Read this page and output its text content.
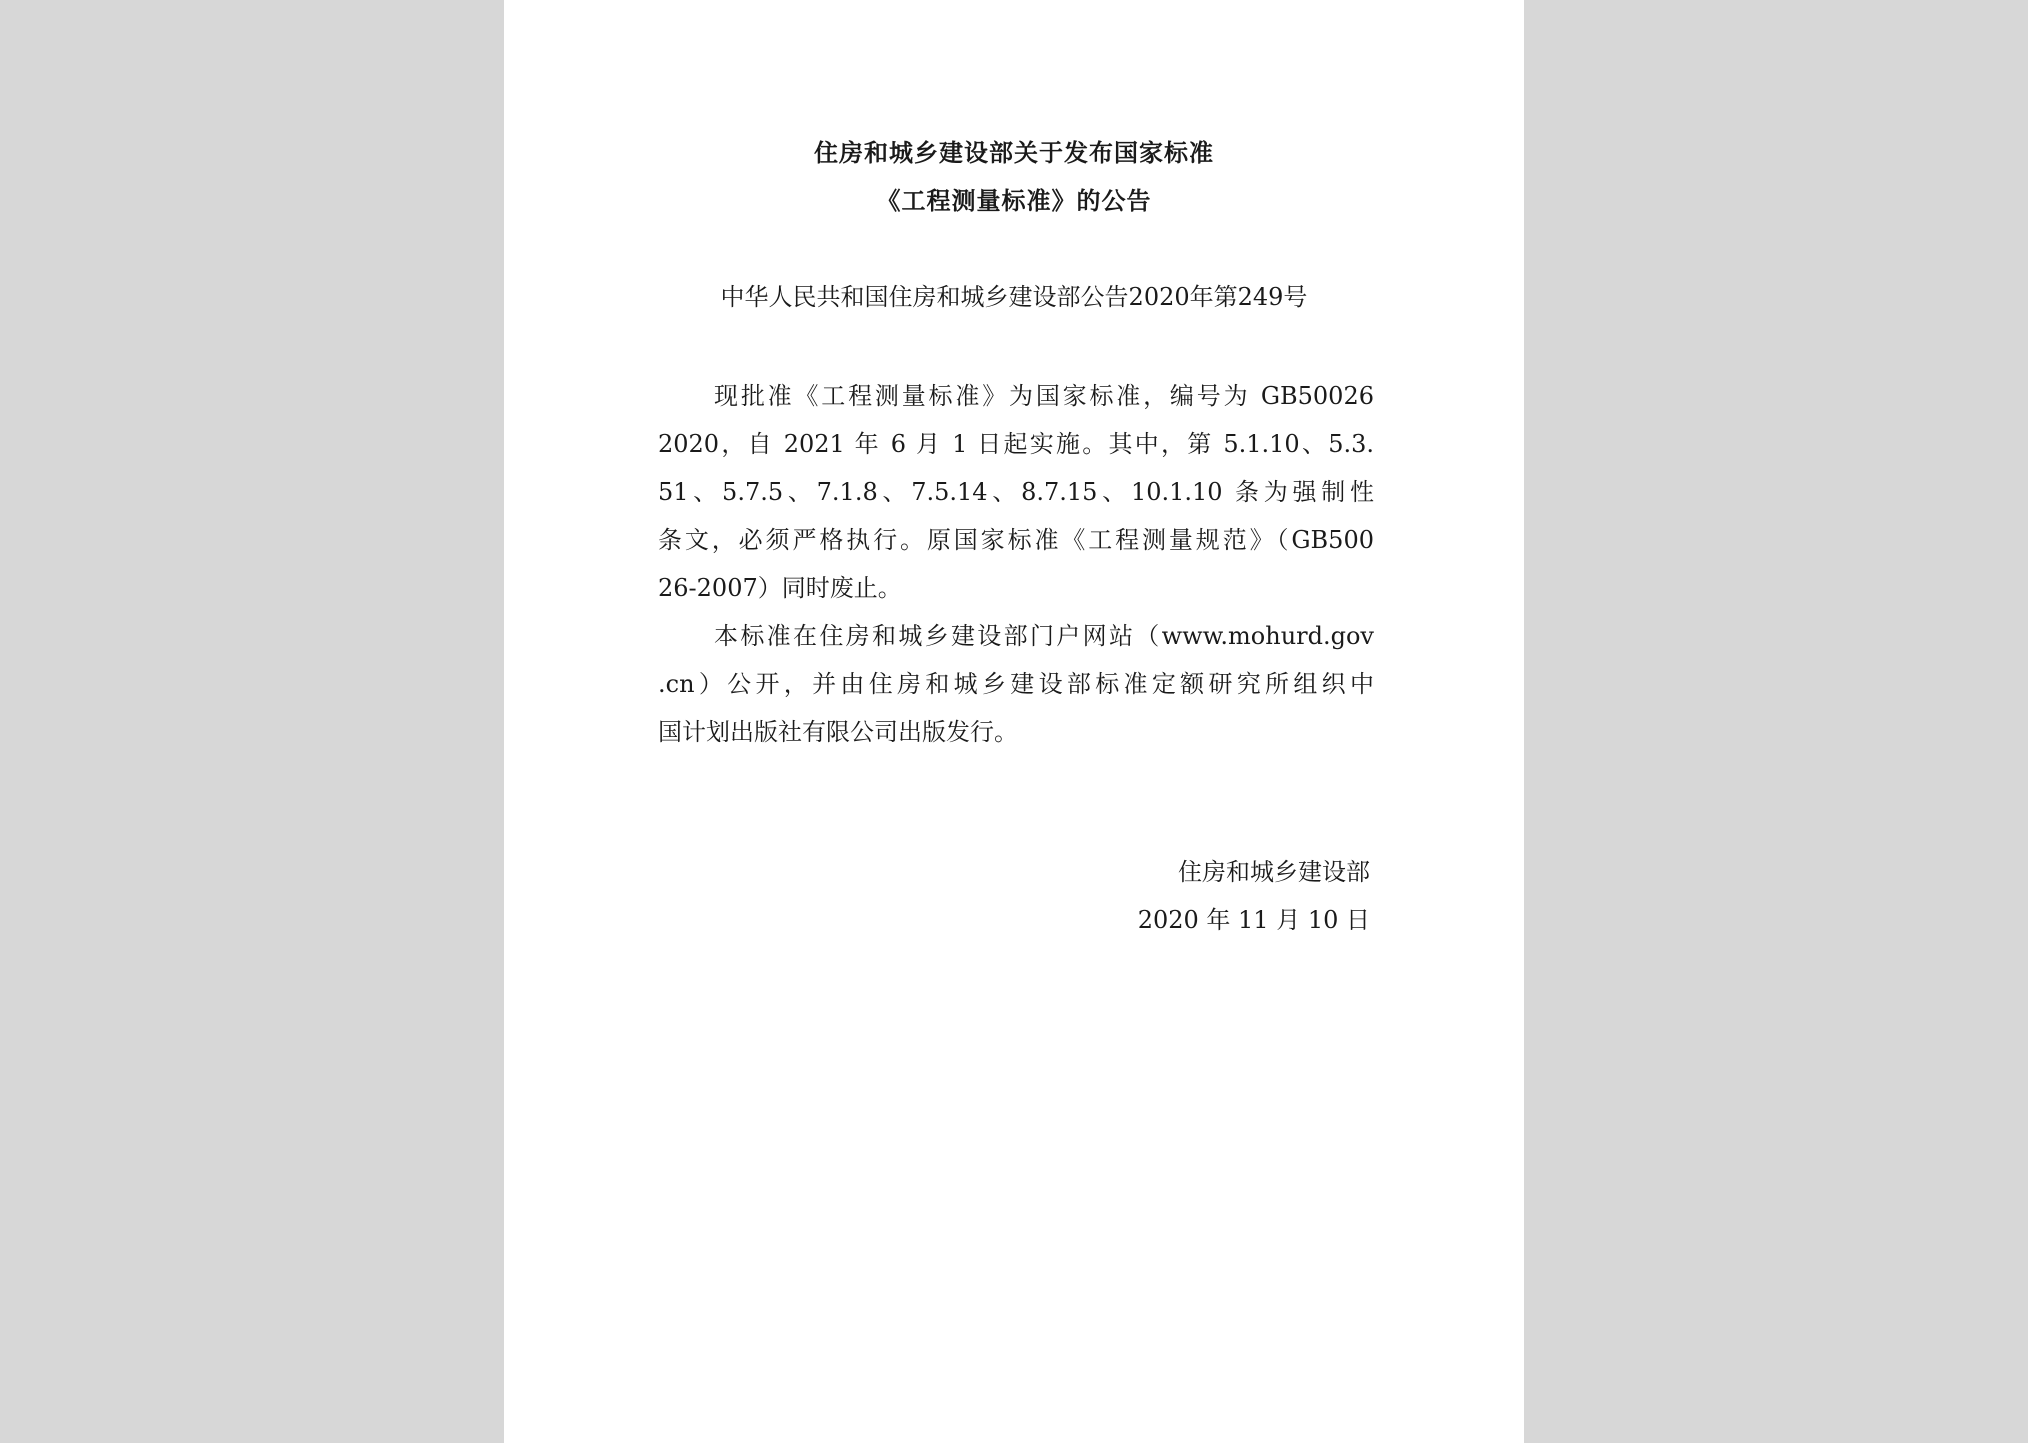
住房和城乡建设部关于发布国家标准
《工程测量标准》的公告
中华人民共和国住房和城乡建设部公告2020年第249号
现批准《工程测量标准》为国家标准，编号为 GB50026
2020，自 2021 年 6 月 1 日起实施。其中，第 5.1.10、5.3.
51、5.7.5、7.1.8、7.5.14、8.7.15、10.1.10 条为强制性
条文，必须严格执行。原国家标准《工程测量规范》（GB500
26-2007）同时废止。
本标准在住房和城乡建设部门户网站（www.mohurd.gov
.cn）公开，并由住房和城乡建设部标准定额研究所组织中
国计划出版社有限公司出版发行。
住房和城乡建设部
2020 年 11 月 10 日
